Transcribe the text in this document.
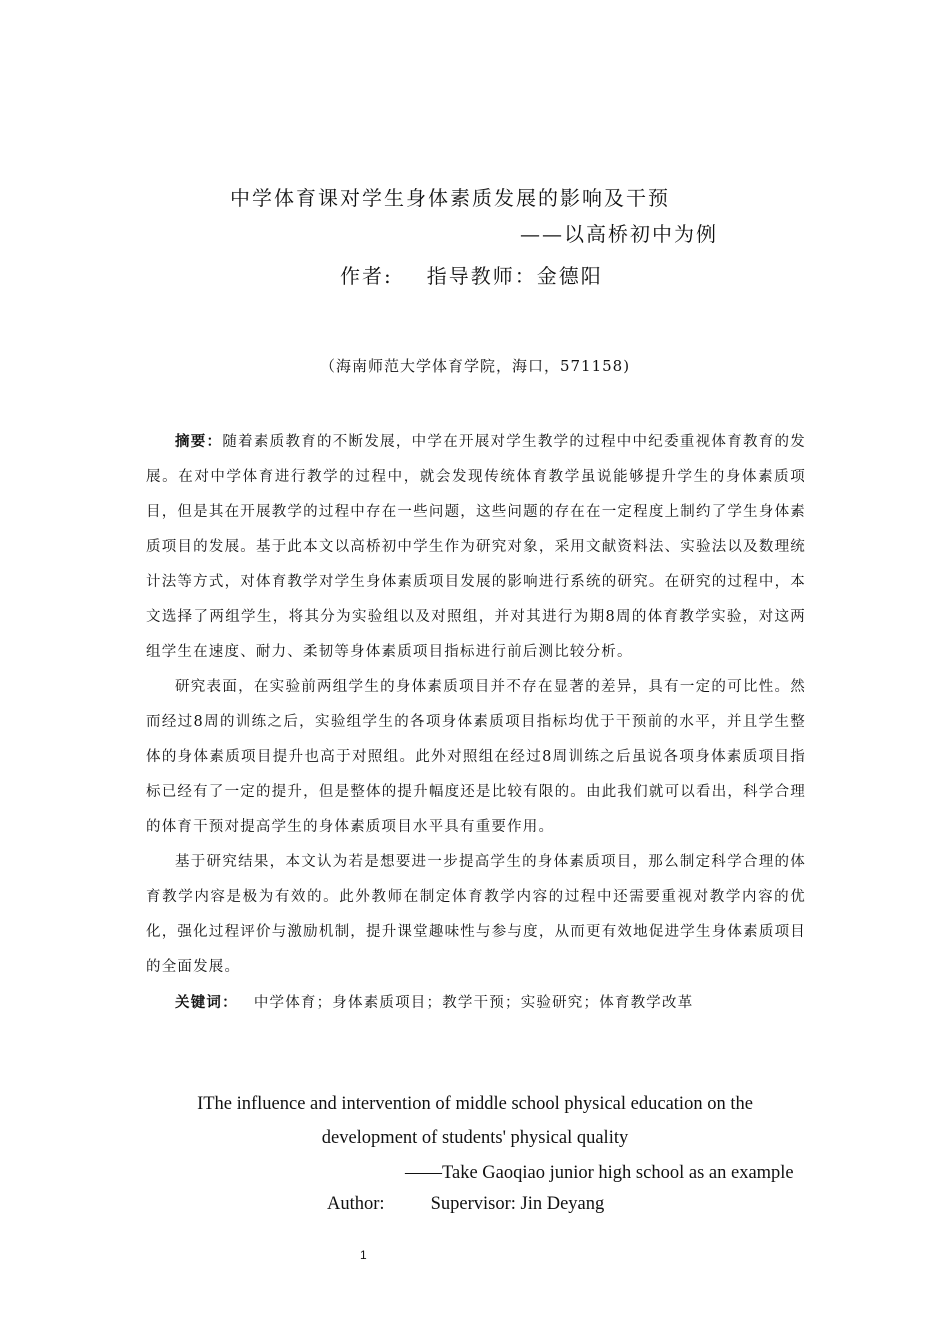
中学体育课对学生身体素质发展的影响及干预
——以高桥初中为例
作者: 指导教师：金德阳
（海南师范大学体育学院，海口，571158)

摘要：随着素质教育的不断发展，中学在开展对学生教学的过程中中纪委重视体育教育的发展。在对中学体育进行教学的过程中，就会发现传统体育教学虽说能够提升学生的身体素质项目，但是其在开展教学的过程中存在一些问题，这些问题的存在在一定程度上制约了学生身体素质项目的发展。基于此本文以高桥初中学生作为研究对象，采用文献资料法、实验法以及数理统计法等方式，对体育教学对学生身体素质项目发展的影响进行系统的研究。在研究的过程中，本文选择了两组学生，将其分为实验组以及对照组，并对其进行为期8周的体育教学实验，对这两组学生在速度、耐力、柔韧等身体素质项目指标进行前后测比较分析。

研究表面，在实验前两组学生的身体素质项目并不存在显著的差异，具有一定的可比性。然而经过8周的训练之后，实验组学生的各项身体素质项目指标均优于干预前的水平，并且学生整体的身体素质项目提升也高于对照组。此外对照组在经过8周训练之后虽说各项身体素质项目指标已经有了一定的提升，但是整体的提升幅度还是比较有限的。由此我们就可以看出，科学合理的体育干预对提高学生的身体素质项目水平具有重要作用。

基于研究结果，本文认为若是想要进一步提高学生的身体素质项目，那么制定科学合理的体育教学内容是极为有效的。此外教师在制定体育教学内容的过程中还需要重视对教学内容的优化，强化过程评价与激励机制，提升课堂趣味性与参与度，从而更有效地促进学生身体素质项目的全面发展。

关键词： 中学体育；身体素质项目；教学干预；实验研究；体育教学改革

IThe influence and intervention of middle school physical education on the
development of students' physical quality
——Take Gaoqiao junior high school as an example
Author: Supervisor: Jin Deyang
1
